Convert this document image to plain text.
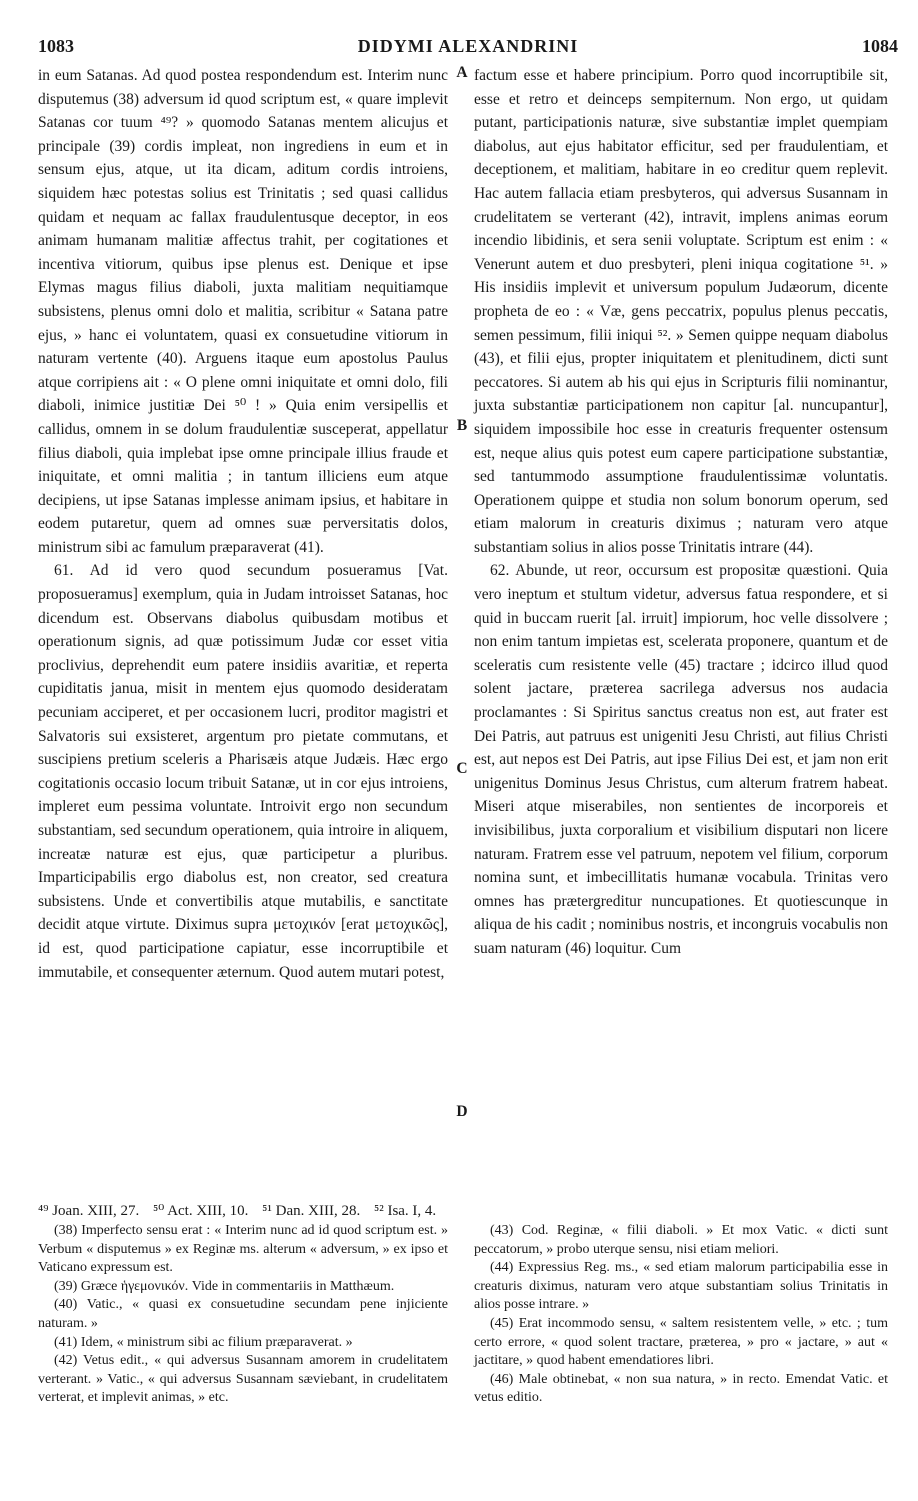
1083	DIDYMI ALEXANDRINI	1084

in eum Satanas. Ad quod postea respondendum est. Interim nunc disputemus (38) adversum id quod scriptum est, « quare implevit Satanas cor tuum ⁴⁹? » quomodo Satanas mentem alicujus et principale (39) cordis impleat, non ingrediens in eum et in sensum ejus, atque, ut ita dicam, aditum cordis introiens, siquidem hæc potestas solius est Trinitatis ; sed quasi callidus quidam et nequam ac fallax fraudulentusque deceptor, in eos animam humanam malitiæ affectus trahit, per cogitationes et incentiva vitiorum, quibus ipse plenus est. Denique et ipse Elymas magus filius diaboli, juxta malitiam nequitiamque subsistens, plenus omni dolo et malitia, scribitur « Satana patre ejus, » hanc ei voluntatem, quasi ex consuetudine vitiorum in naturam vertente (40). Arguens itaque eum apostolus Paulus atque corripiens ait : « O plene omni iniquitate et omni dolo, fili diaboli, inimice justitiæ Dei ⁵⁰ ! » Quia enim versipellis et callidus, omnem in se dolum fraudulentiæ susceperat, appellatur filius diaboli, quia implebat ipse omne principale illius fraude et iniquitate, et omni malitia ; in tantum illiciens eum atque decipiens, ut ipse Satanas implesse animam ipsius, et habitare in eodem putaretur, quem ad omnes suæ perversitatis dolos, ministrum sibi ac famulum præparaverat (41).

61. Ad id vero quod secundum posueramus [Vat. proposueramus] exemplum, quia in Judam introisset Satanas, hoc dicendum est. Observans diabolus quibusdam motibus et operationum signis, ad quæ potissimum Judæ cor esset vitia proclivius, deprehendit eum patere insidiis avaritiæ, et reperta cupiditatis janua, misit in mentem ejus quomodo desideratam pecuniam acciperet, et per occasionem lucri, proditor magistri et Salvatoris sui exsisteret, argentum pro pietate commutans, et suscipiens pretium sceleris a Pharisæis atque Judæis. Hæc ergo cogitationis occasio locum tribuit Satanæ, ut in cor ejus introiens, impleret eum pessima voluntate. Introivit ergo non secundum substantiam, sed secundum operationem, quia introire in aliquem, increatæ naturæ est ejus, quæ participetur a pluribus. Imparticipabilis ergo diabolus est, non creator, sed creatura subsistens. Unde et convertibilis atque mutabilis, e sanctitate decidit atque virtute. Diximus supra μετοχικόν [erat μετοχικῶς], id est, quod participatione capiatur, esse incorruptibile et immutabile, et consequenter æternum. Quod autem mutari potest,

factum esse et habere principium. Porro quod incorruptibile sit, esse et retro et deinceps sempiternum. Non ergo, ut quidam putant, participationis naturæ, sive substantiæ implet quempiam diabolus, aut ejus habitator efficitur, sed per fraudulentiam, et deceptionem, et malitiam, habitare in eo creditur quem replevit. Hac autem fallacia etiam presbyteros, qui adversus Susannam in crudelitatem se verterant (42), intravit, implens animas eorum incendio libidinis, et sera senii voluptate. Scriptum est enim : « Venerunt autem et duo presbyteri, pleni iniqua cogitatione ⁵¹. » His insidiis implevit et universum populum Judæorum, dicente propheta de eo : « Væ, gens peccatrix, populus plenus peccatis, semen pessimum, filii iniqui ⁵². » Semen quippe nequam diabolus (43), et filii ejus, propter iniquitatem et plenitudinem, dicti sunt peccatores. Si autem ab his qui ejus in Scripturis filii nominantur, juxta substantiæ participationem non capitur [al. nuncupantur], siquidem impossibile hoc esse in creaturis frequenter ostensum est, neque alius quis potest eum capere participatione substantiæ, sed tantummodo assumptione fraudulentissimæ voluntatis. Operationem quippe et studia non solum bonorum operum, sed etiam malorum in creaturis diximus ; naturam vero atque substantiam solius in alios posse Trinitatis intrare (44).

62. Abunde, ut reor, occursum est propositæ quæstioni. Quia vero ineptum et stultum videtur, adversus fatua respondere, et si quid in buccam ruerit [al. irruit] impiorum, hoc velle dissolvere ; non enim tantum impietas est, scelerata proponere, quantum et de sceleratis cum resistente velle (45) tractare ; idcirco illud quod solent jactare, præterea sacrilega adversus nos audacia proclamantes : Si Spiritus sanctus creatus non est, aut frater est Dei Patris, aut patruus est unigeniti Jesu Christi, aut filius Christi est, aut nepos est Dei Patris, aut ipse Filius Dei est, et jam non erit unigenitus Dominus Jesus Christus, cum alterum fratrem habeat. Miseri atque miserabiles, non sentientes de incorporeis et invisibilibus, juxta corporalium et visibilium disputari non licere naturam. Fratrem esse vel patruum, nepotem vel filium, corporum nomina sunt, et imbecillitatis humanæ vocabula. Trinitas vero omnes has prætergreditur nuncupationes. Et quotiescunque in aliqua de his cadit ; nominibus nostris, et incongruis vocabulis non suam naturam (46) loquitur. Cum

A
B
C
D
⁴⁹ Joan. XIII, 27. ⁵⁰ Act. XIII, 10. ⁵¹ Dan. XIII, 28. ⁵² Isa. I, 4.

(38) Imperfecto sensu erat : « Interim nunc ad id quod scriptum est. » Verbum « disputemus » ex Reginæ ms. alterum « adversum, » ex ipso et Vaticano expressum est.

(39) Græce ἡγεμονικόν. Vide in commentariis in Matthæum.

(40) Vatic., « quasi ex consuetudine secundam pene injiciente naturam. »

(41) Idem, « ministrum sibi ac filium præparaverat. »

(42) Vetus edit., « qui adversus Susannam amorem in crudelitatem verterant. » Vatic., « qui adversus Susannam sæviebant, in crudelitatem verterat, et implevit animas, » etc.

(43) Cod. Reginæ, « filii diaboli. » Et mox Vatic. « dicti sunt peccatorum, » probo uterque sensu, nisi etiam meliori.

(44) Expressius Reg. ms., « sed etiam malorum participabilia esse in creaturis diximus, naturam vero atque substantiam solius Trinitatis in alios posse intrare. »

(45) Erat incommodo sensu, « saltem resistentem velle, » etc. ; tum certo errore, « quod solent tractare, præterea, » pro « jactare, » aut « jactitare, » quod habent emendatiores libri.

(46) Male obtinebat, « non sua natura, » in recto. Emendat Vatic. et vetus editio.
